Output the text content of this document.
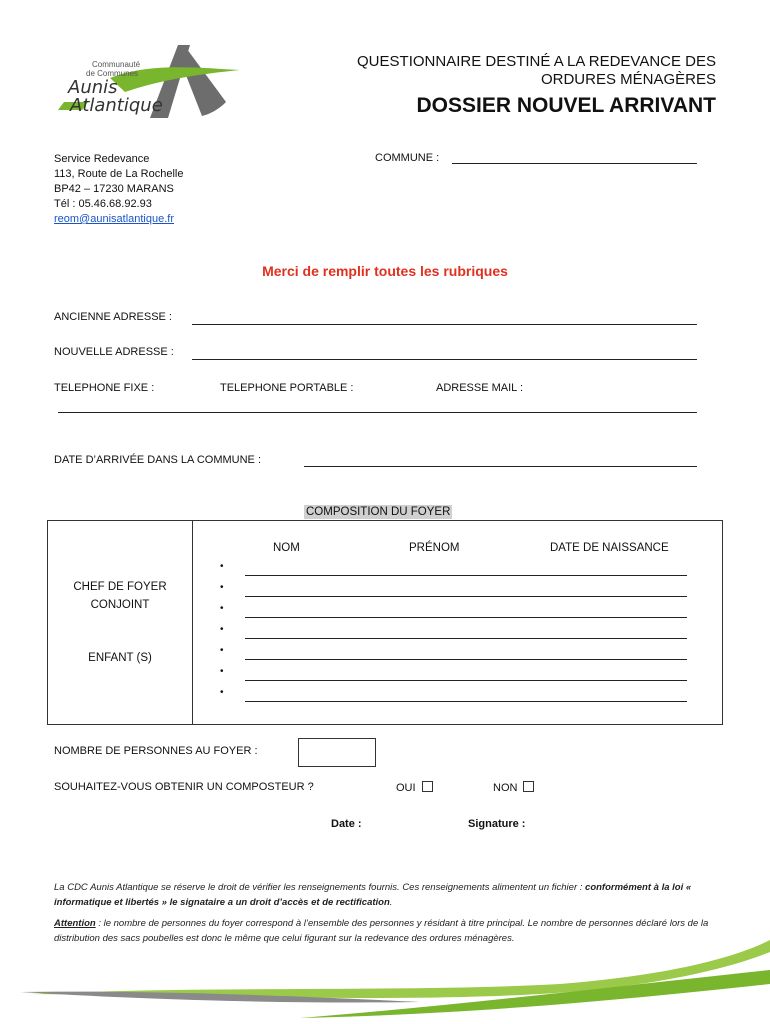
Communauté
de Communes
Aunis
Atlantique
QUESTIONNAIRE DESTINÉ A LA REDEVANCE DES
ORDURES MÉNAGÈRES
DOSSIER NOUVEL ARRIVANT
Service Redevance
113, Route de La Rochelle
BP42 – 17230 MARANS
Tél : 05.46.68.92.93
reom@aunisatlantique.fr
COMMUNE :
Merci de remplir toutes les rubriques
ANCIENNE ADRESSE :
NOUVELLE ADRESSE :
TELEPHONE FIXE :	TELEPHONE PORTABLE :	ADRESSE MAIL :
DATE D’ARRIVÉE DANS LA COMMUNE :
COMPOSITION DU FOYER
NOM	PRÉNOM	DATE DE NAISSANCE
CHEF DE FOYER
CONJOINT
ENFANT (S)
•
•
•
•
•
•
•
NOMBRE DE PERSONNES AU FOYER :
SOUHAITEZ-VOUS OBTENIR UN COMPOSTEUR ?	OUI	NON
Date :	Signature :
La CDC Aunis Atlantique se réserve le droit de vérifier les renseignements fournis. Ces renseignements alimentent un fichier : conformément à la loi « informatique et libertés » le signataire a un droit d’accès et de rectification.
Attention : le nombre de personnes du foyer correspond à l’ensemble des personnes y résidant à titre principal. Le nombre de personnes déclaré lors de la distribution des sacs poubelles est donc le même que celui figurant sur la redevance des ordures ménagères.
